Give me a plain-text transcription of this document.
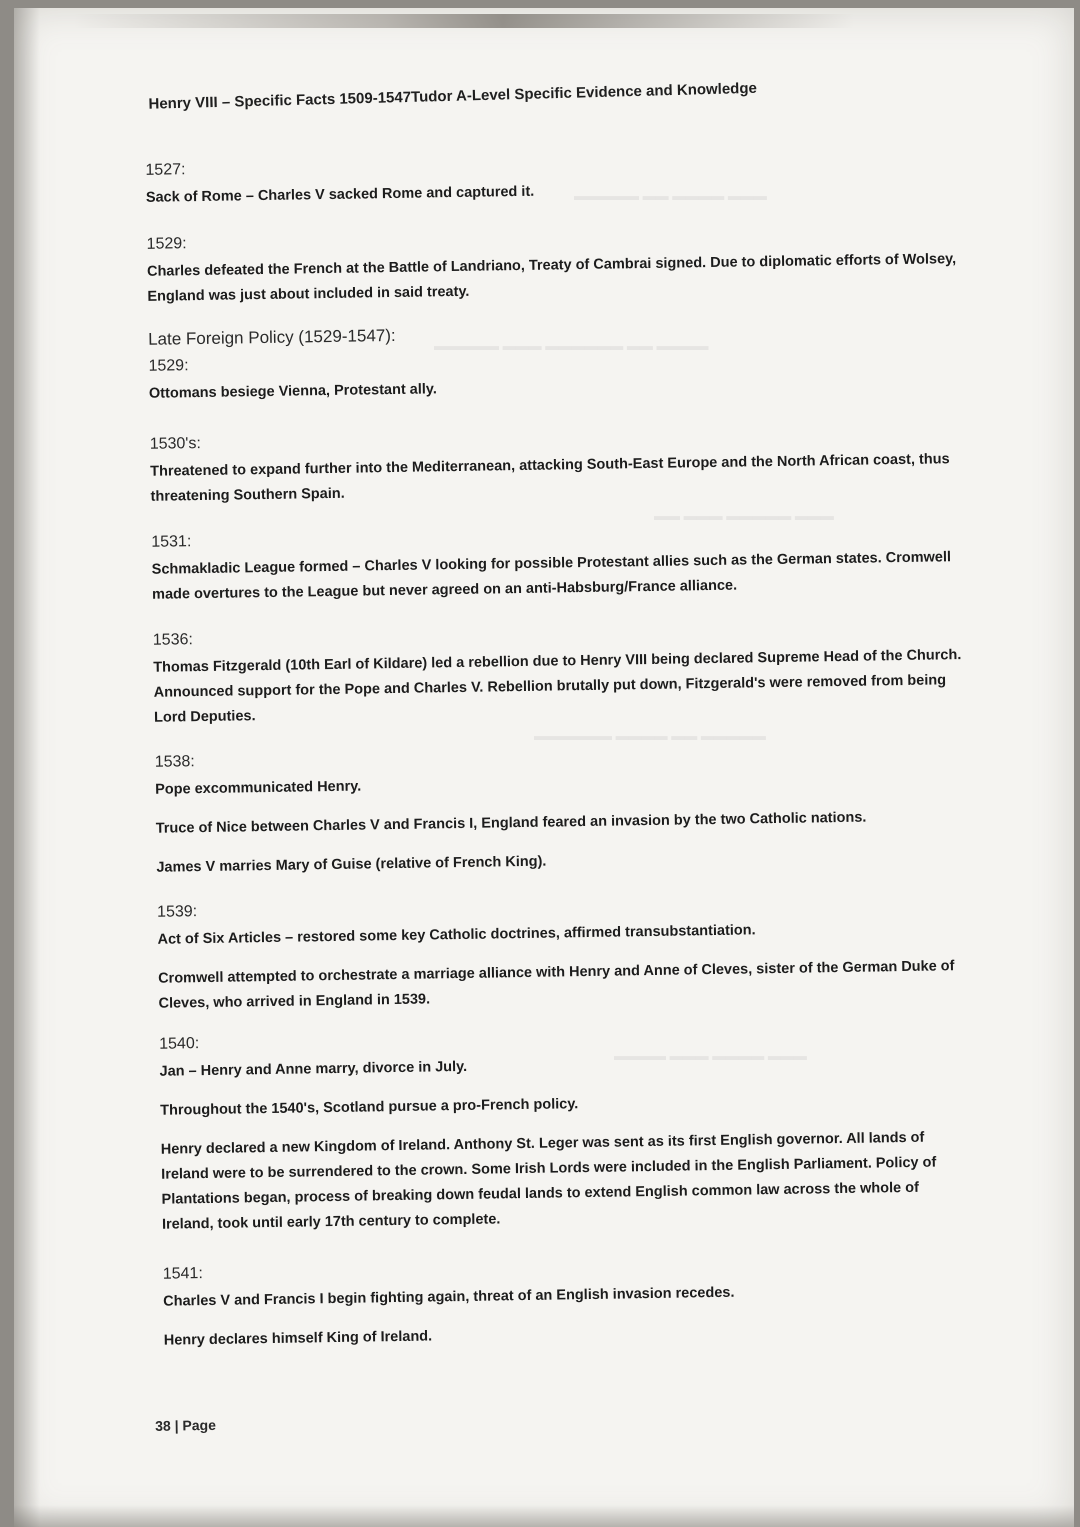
▬▬▬ ▬▬▬▬ ▬▬ ▬▬▬▬▬
▬▬▬▬ ▬▬ ▬▬▬▬▬▬ ▬▬▬ ▬▬▬▬▬
▬▬▬ ▬▬▬▬▬ ▬▬▬ ▬▬
▬▬▬▬▬ ▬▬ ▬▬▬▬ ▬▬▬▬▬▬
▬▬▬ ▬▬▬▬ ▬▬▬ ▬▬▬▬
Henry VIII – Specific Facts 1509-1547Tudor A-Level Specific Evidence and Knowledge
1527:
Sack of Rome – Charles V sacked Rome and captured it.
1529:
Charles defeated the French at the Battle of Landriano, Treaty of Cambrai signed. Due to diplomatic efforts of Wolsey, England was just about included in said treaty.
Late Foreign Policy (1529-1547):
1529:
Ottomans besiege Vienna, Protestant ally.
1530's:
Threatened to expand further into the Mediterranean, attacking South-East Europe and the North African coast, thus threatening Southern Spain.
1531:
Schmakladic League formed – Charles V looking for possible Protestant allies such as the German states. Cromwell made overtures to the League but never agreed on an anti-Habsburg/France alliance.
1536:
Thomas Fitzgerald (10th Earl of Kildare) led a rebellion due to Henry VIII being declared Supreme Head of the Church. Announced support for the Pope and Charles V. Rebellion brutally put down, Fitzgerald's were removed from being Lord Deputies.
1538:
Pope excommunicated Henry.
Truce of Nice between Charles V and Francis I, England feared an invasion by the two Catholic nations.
James V marries Mary of Guise (relative of French King).
1539:
Act of Six Articles – restored some key Catholic doctrines, affirmed transubstantiation.
Cromwell attempted to orchestrate a marriage alliance with Henry and Anne of Cleves, sister of the German Duke of Cleves, who arrived in England in 1539.
1540:
Jan – Henry and Anne marry, divorce in July.
Throughout the 1540's, Scotland pursue a pro-French policy.
Henry declared a new Kingdom of Ireland. Anthony St. Leger was sent as its first English governor. All lands of Ireland were to be surrendered to the crown. Some Irish Lords were included in the English Parliament. Policy of Plantations began, process of breaking down feudal lands to extend English common law across the whole of Ireland, took until early 17th century to complete.
1541:
Charles V and Francis I begin fighting again, threat of an English invasion recedes.
Henry declares himself King of Ireland.
38 | Page
